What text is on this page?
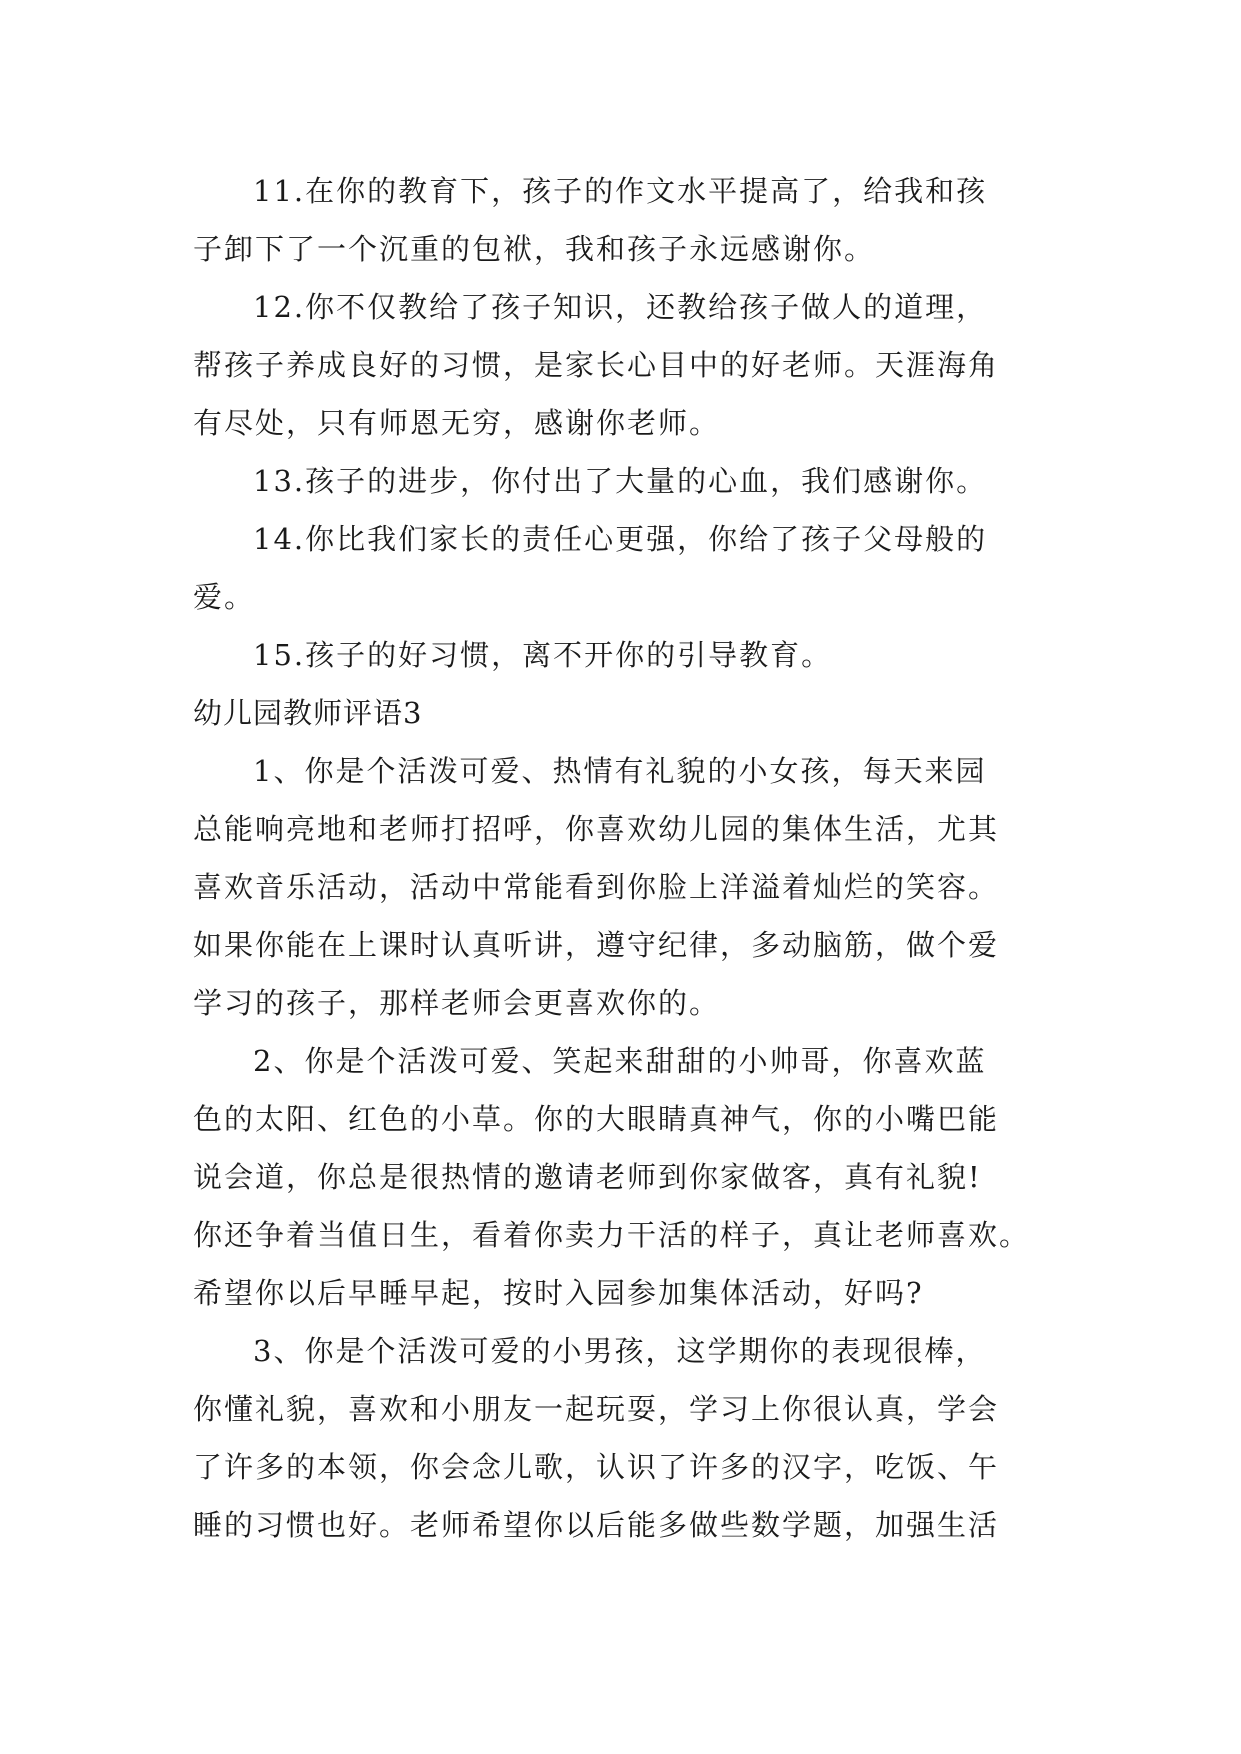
11.在你的教育下，孩子的作文水平提高了，给我和孩
子卸下了一个沉重的包袱，我和孩子永远感谢你。
12.你不仅教给了孩子知识，还教给孩子做人的道理，
帮孩子养成良好的习惯，是家长心目中的好老师。天涯海角
有尽处，只有师恩无穷，感谢你老师。
13.孩子的进步，你付出了大量的心血，我们感谢你。
14.你比我们家长的责任心更强，你给了孩子父母般的
爱。
15.孩子的好习惯，离不开你的引导教育。
幼儿园教师评语3
1、你是个活泼可爱、热情有礼貌的小女孩，每天来园
总能响亮地和老师打招呼，你喜欢幼儿园的集体生活，尤其
喜欢音乐活动，活动中常能看到你脸上洋溢着灿烂的笑容。
如果你能在上课时认真听讲，遵守纪律，多动脑筋，做个爱
学习的孩子，那样老师会更喜欢你的。
2、你是个活泼可爱、笑起来甜甜的小帅哥，你喜欢蓝
色的太阳、红色的小草。你的大眼睛真神气，你的小嘴巴能
说会道，你总是很热情的邀请老师到你家做客，真有礼貌!
你还争着当值日生，看着你卖力干活的样子，真让老师喜欢。
希望你以后早睡早起，按时入园参加集体活动，好吗?
3、你是个活泼可爱的小男孩，这学期你的表现很棒，
你懂礼貌，喜欢和小朋友一起玩耍，学习上你很认真，学会
了许多的本领，你会念儿歌，认识了许多的汉字，吃饭、午
睡的习惯也好。老师希望你以后能多做些数学题，加强生活
